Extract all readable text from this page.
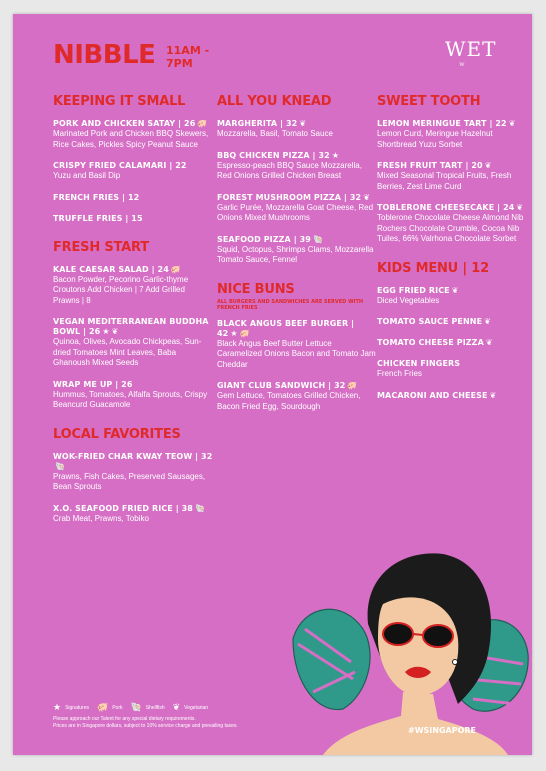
NIBBLE 11AM -
7PM
WET
W
KEEPING IT SMALL
PORK AND CHICKEN SATAY | 26 🐖
Marinated Pork and Chicken BBQ Skewers, Rice Cakes, Pickles Spicy Peanut Sauce
CRISPY FRIED CALAMARI | 22
Yuzu and Basil Dip
FRENCH FRIES | 12
TRUFFLE FRIES | 15
FRESH START
KALE CAESAR SALAD | 24 🐖
Bacon Powder, Pecorino Garlic-thyme Croutons Add Chicken | 7 Add Grilled Prawns | 8
VEGAN MEDITERRANEAN BUDDHA BOWL | 26 ★ ❦
Quinoa, Olives, Avocado Chickpeas, Sun-dried Tomatoes Mint Leaves, Baba Ghanoush Mixed Seeds
WRAP ME UP | 26
Hummus, Tomatoes, Alfalfa Sprouts, Crispy Beancurd Guacamole
LOCAL FAVORITES
WOK-FRIED CHAR KWAY TEOW | 32🐚
Prawns, Fish Cakes, Preserved Sausages, Bean Sprouts
X.O. SEAFOOD FRIED RICE | 38 🐚
Crab Meat, Prawns, Tobiko
ALL YOU KNEAD
MARGHERITA | 32 ❦
Mozzarella, Basil, Tomato Sauce
BBQ CHICKEN PIZZA | 32 ★
Espresso-peach BBQ Sauce Mozzarella, Red Onions Grilled Chicken Breast
FOREST MUSHROOM PIZZA | 32 ❦
Garlic Purée, Mozzarella Goat Cheese, Red Onions Mixed Mushrooms
SEAFOOD PIZZA | 39 🐚
Squid, Octopus, Shrimps Clams, Mozzarella Tomato Sauce, Fennel
NICE BUNS
ALL BURGERS AND SANDWICHES ARE SERVED WITH FRENCH FRIES
BLACK ANGUS BEEF BURGER | 42 ★ 🐖
Black Angus Beef Butter Lettuce Caramelized Onions Bacon and Tomato Jam Cheddar
GIANT CLUB SANDWICH | 32 🐖
Gem Lettuce, Tomatoes Grilled Chicken, Bacon Fried Egg, Sourdough
SWEET TOOTH
LEMON MERINGUE TART | 22 ❦
Lemon Curd, Meringue Hazelnut Shortbread Yuzu Sorbet
FRESH FRUIT TART | 20 ❦
Mixed Seasonal Tropical Fruits, Fresh Berries, Zest Lime Curd
TOBLERONE CHEESECAKE | 24 ❦
Toblerone Chocolate Cheese Almond Nib Rochers Chocolate Crumble, Cocoa Nib Tuiles, 66% Valrhona Chocolate Sorbet
KIDS MENU | 12
EGG FRIED RICE ❦
Diced Vegetables
TOMATO SAUCE PENNE ❦
TOMATO CHEESE PIZZA ❦
CHICKEN FINGERS
French Fries
MACARONI AND CHEESE ❦
★ Signatures 🐖 Pork 🐚 Shellfish ❦ Vegetarian
Please approach our Talent for any special dietary requirements.
Prices are in Singapore dollars, subject to 10% service charge and prevailing taxes.	#WSINGAPORE
